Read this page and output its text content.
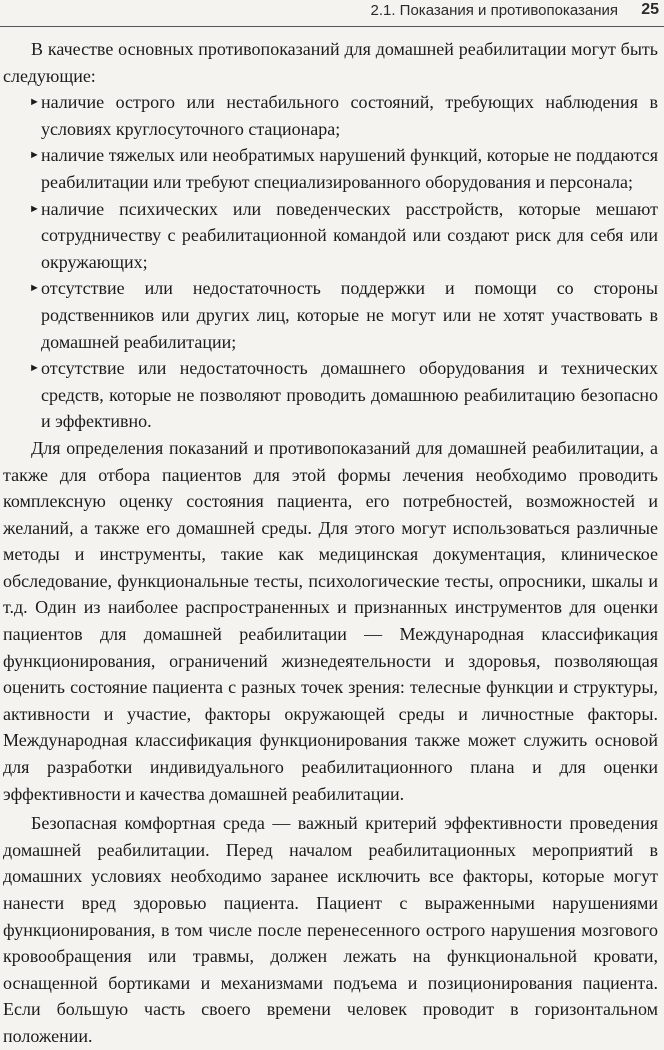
2.1. Показания и противопоказания 25

В качестве основных противопоказаний для домашней реабилитации могут быть следующие:

► наличие острого или нестабильного состояний, требующих наблюдения в условиях круглосуточного стационара;
► наличие тяжелых или необратимых нарушений функций, которые не поддаются реабилитации или требуют специализированного оборудования и персонала;
► наличие психических или поведенческих расстройств, которые мешают сотрудничеству с реабилитационной командой или создают риск для себя или окружающих;
► отсутствие или недостаточность поддержки и помощи со стороны родственников или других лиц, которые не могут или не хотят участвовать в домашней реабилитации;
► отсутствие или недостаточность домашнего оборудования и технических средств, которые не позволяют проводить домашнюю реабилитацию безопасно и эффективно.

Для определения показаний и противопоказаний для домашней реабилитации, а также для отбора пациентов для этой формы лечения необходимо проводить комплексную оценку состояния пациента, его потребностей, возможностей и желаний, а также его домашней среды. Для этого могут использоваться различные методы и инструменты, такие как медицинская документация, клиническое обследование, функциональные тесты, психологические тесты, опросники, шкалы и т.д. Один из наиболее распространенных и признанных инструментов для оценки пациентов для домашней реабилитации — Международная классификация функционирования, ограничений жизнедеятельности и здоровья, позволяющая оценить состояние пациента с разных точек зрения: телесные функции и структуры, активности и участие, факторы окружающей среды и личностные факторы. Международная классификация функционирования также может служить основой для разработки индивидуального реабилитационного плана и для оценки эффективности и качества домашней реабилитации.

Безопасная комфортная среда — важный критерий эффективности проведения домашней реабилитации. Перед началом реабилитационных мероприятий в домашних условиях необходимо заранее исключить все факторы, которые могут нанести вред здоровью пациента. Пациент с выраженными нарушениями функционирования, в том числе после перенесенного острого нарушения мозгового кровообращения или травмы, должен лежать на функциональной кровати, оснащенной бортиками и механизмами подъема и позиционирования пациента. Если большую часть своего времени человек проводит в горизонтальном положении.
